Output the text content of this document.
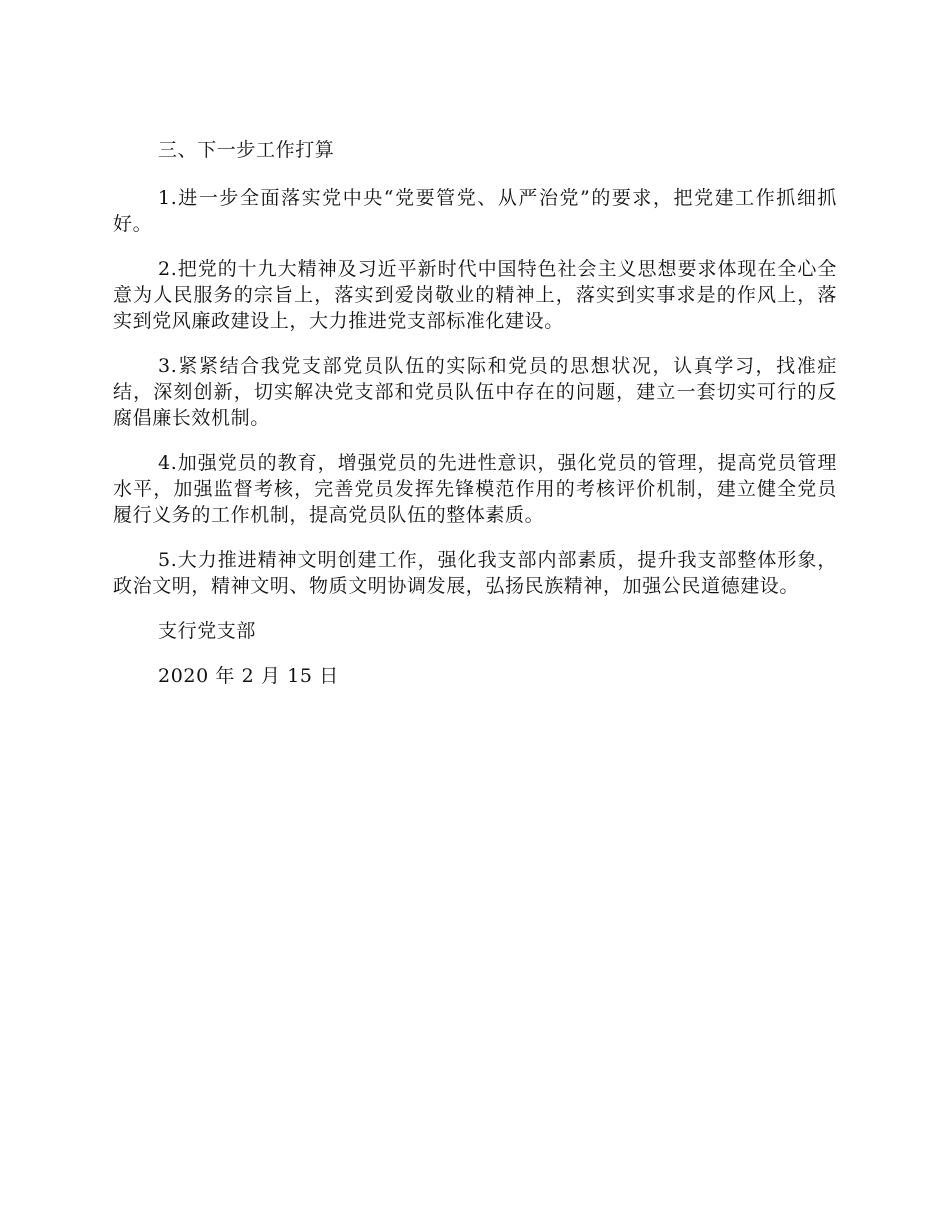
三、下一步工作打算

1.进一步全面落实党中央“党要管党、从严治党”的要求，把党建工作抓细抓好。

2.把党的十九大精神及习近平新时代中国特色社会主义思想要求体现在全心全意为人民服务的宗旨上，落实到爱岗敬业的精神上，落实到实事求是的作风上，落实到党风廉政建设上，大力推进党支部标准化建设。

3.紧紧结合我党支部党员队伍的实际和党员的思想状况，认真学习，找准症结，深刻创新，切实解决党支部和党员队伍中存在的问题，建立一套切实可行的反腐倡廉长效机制。

4.加强党员的教育，增强党员的先进性意识，强化党员的管理，提高党员管理水平，加强监督考核，完善党员发挥先锋模范作用的考核评价机制，建立健全党员履行义务的工作机制，提高党员队伍的整体素质。

5.大力推进精神文明创建工作，强化我支部内部素质，提升我支部整体形象，政治文明，精神文明、物质文明协调发展，弘扬民族精神，加强公民道德建设。

支行党支部

2020 年 2 月 15 日
